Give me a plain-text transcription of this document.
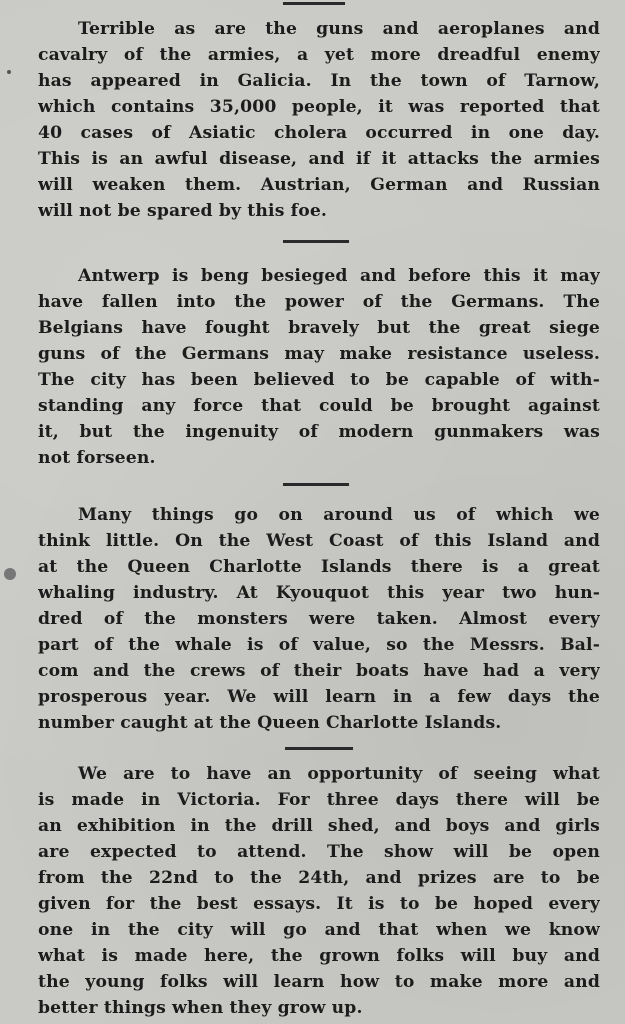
Terrible as are the guns and aeroplanes and
cavalry of the armies, a yet more dreadful enemy
has appeared in Galicia. In the town of Tarnow,
which contains 35,000 people, it was reported that
40 cases of Asiatic cholera occurred in one day.
This is an awful disease, and if it attacks the armies
will weaken them. Austrian, German and Russian
will not be spared by this foe.
Antwerp is beng besieged and before this it may
have fallen into the power of the Germans. The
Belgians have fought bravely but the great siege
guns of the Germans may make resistance useless.
The city has been believed to be capable of with-
standing any force that could be brought against
it, but the ingenuity of modern gunmakers was
not forseen.
Many things go on around us of which we
think little. On the West Coast of this Island and
at the Queen Charlotte Islands there is a great
whaling industry. At Kyouquot this year two hun-
dred of the monsters were taken. Almost every
part of the whale is of value, so the Messrs. Bal-
com and the crews of their boats have had a very
prosperous year. We will learn in a few days the
number caught at the Queen Charlotte Islands.
We are to have an opportunity of seeing what
is made in Victoria. For three days there will be
an exhibition in the drill shed, and boys and girls
are expected to attend. The show will be open
from the 22nd to the 24th, and prizes are to be
given for the best essays. It is to be hoped every
one in the city will go and that when we know
what is made here, the grown folks will buy and
the young folks will learn how to make more and
better things when they grow up.
